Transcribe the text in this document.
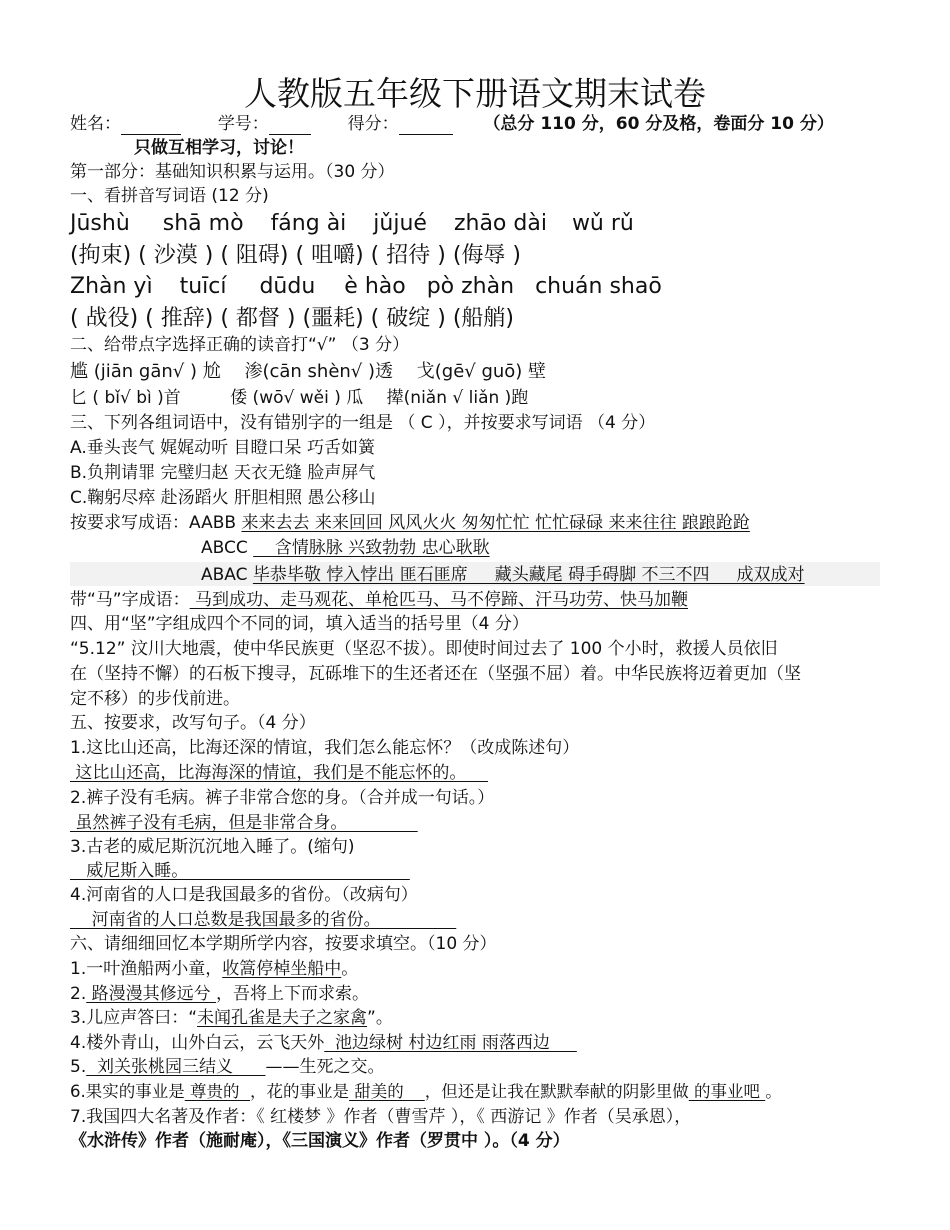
人教版五年级下册语文期末试卷
姓名：	学号：	得分：	（总分 110 分，60 分及格，卷面分 10 分）
只做互相学习，讨论！
第一部分：基础知识积累与运用。（30 分）
一、看拼音写词语 (12 分)
Jūshù shā mò fáng ài jǔjué zhāo dài wǔ rǔ
(拘束) ( 沙漠 ) ( 阻碍) ( 咀嚼) ( 招待 ) (侮辱 )
Zhàn yì tuīcí dūdu è hào pò zhàn chuán shaō
( 战役) ( 推辞) ( 都督 ) (噩耗) ( 破绽 ) (船艄)
二、给带点字选择正确的读音打“√” （3 分）
尴 (jiān gān√ ) 尬 渗(cān shèn√ )透 戈(gē√ guō) 壁
匕 ( bǐ√ bì )首	倭 (wō√ wěi ) 瓜 撵(niǎn √ liǎn )跑
三、下列各组词语中，没有错别字的一组是 （ C ），并按要求写词语 （4 分）
A.垂头丧气 娓娓动听 目瞪口呆 巧舌如簧
B.负荆请罪 完璧归赵 天衣无缝 脸声屏气
C.鞠躬尽瘁 赴汤蹈火 肝胆相照 愚公移山
按要求写成语：AABB 来来去去 来来回回 风风火火 匆匆忙忙 忙忙碌碌 来来往往 踉踉跄跄
ABCC     含情脉脉 兴致勃勃 忠心耿耿
ABAC 毕恭毕敬 悖入悖出 匪石匪席     藏头藏尾 碍手碍脚 不三不四     成双成对
带“马”字成语： 马到成功、走马观花、单枪匹马、马不停蹄、汗马功劳、快马加鞭
四、用“坚”字组成四个不同的词，填入适当的括号里（4 分）
“5.12” 汶川大地震，使中华民族更（坚忍不拔）。即使时间过去了 100 个小时，救援人员依旧
在（坚持不懈）的石板下搜寻，瓦砾堆下的生还者还在（坚强不屈）着。中华民族将迈着更加（坚
定不移）的步伐前进。
五、按要求，改写句子。（4 分）
1.这比山还高，比海还深的情谊，我们怎么能忘怀？（改成陈述句）
这比山还高，比海海深的情谊，我们是不能忘怀的。
2.裤子没有毛病。裤子非常合您的身。（合并成一句话。）
虽然裤子没有毛病，但是非常合身。
3.古老的威尼斯沉沉地入睡了。(缩句)
威尼斯入睡。
4.河南省的人口是我国最多的省份。（改病句）
河南省的人口总数是我国最多的省份。
六、请细细回忆本学期所学内容，按要求填空。（10 分）
1.一叶渔船两小童，收篙停棹坐船中。
2. 路漫漫其修远兮 ，吾将上下而求索。
3.儿应声答曰：“未闻孔雀是夫子之家禽”。
4.楼外青山，山外白云，云飞天外  池边绿树 村边红雨 雨落西边
5.  刘关张桃园三结义      ——生死之交。
6.果实的事业是 尊贵的  ，花的事业是 甜美的    ，但还是让我在默默奉献的阴影里做 的事业吧 。
7.我国四大名著及作者：《 红楼梦 》作者（曹雪芹 ），《 西游记 》作者（吴承恩），
《水浒传》作者（施耐庵），《三国演义》作者（罗贯中 ）。（4 分）
